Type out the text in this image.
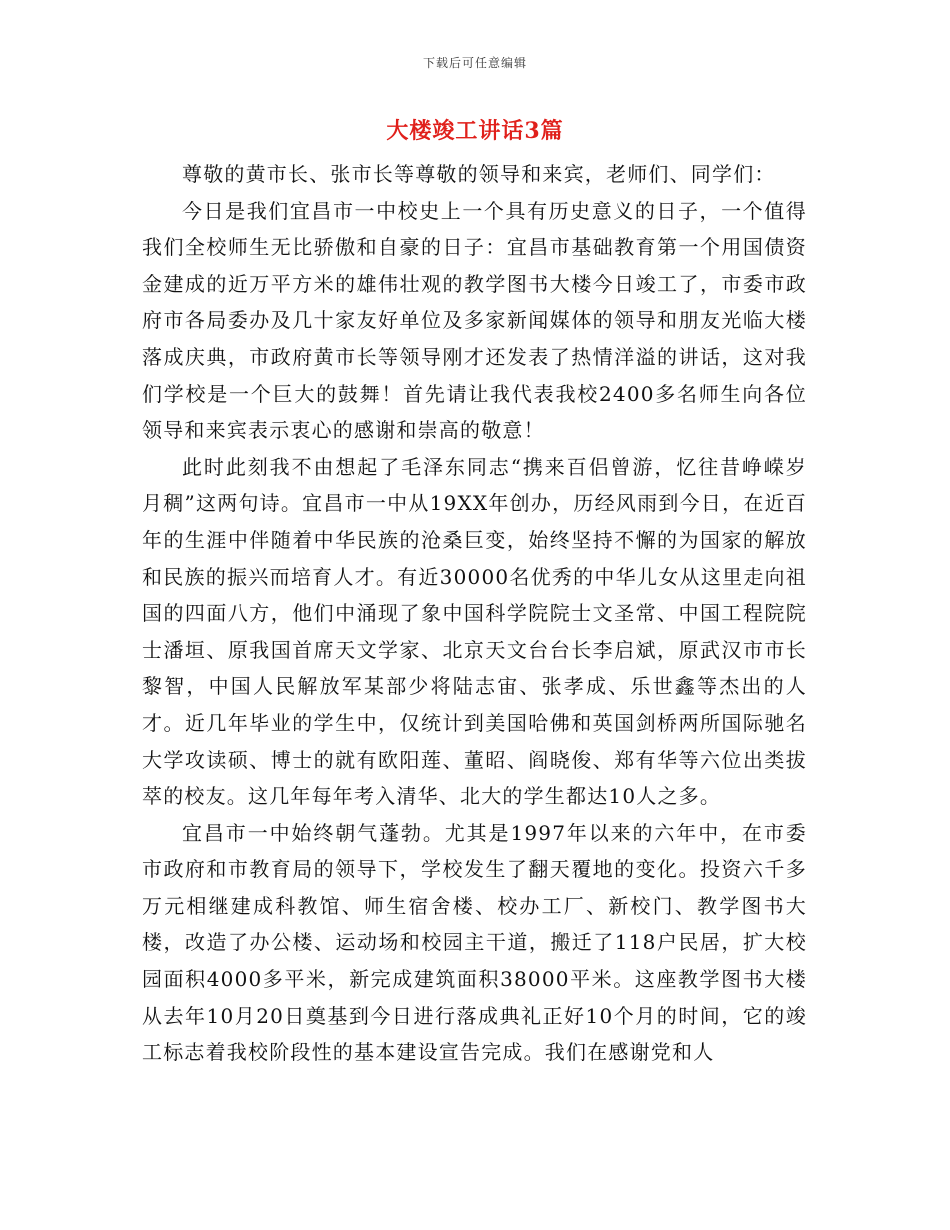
下载后可任意编辑
大楼竣工讲话3篇

尊敬的黄市长、张市长等尊敬的领导和来宾，老师们、同学们：

今日是我们宜昌市一中校史上一个具有历史意义的日子，一个值得我们全校师生无比骄傲和自豪的日子：宜昌市基础教育第一个用国债资金建成的近万平方米的雄伟壮观的教学图书大楼今日竣工了，市委市政府市各局委办及几十家友好单位及多家新闻媒体的领导和朋友光临大楼落成庆典，市政府黄市长等领导刚才还发表了热情洋溢的讲话，这对我们学校是一个巨大的鼓舞！首先请让我代表我校2400多名师生向各位领导和来宾表示衷心的感谢和崇高的敬意！

此时此刻我不由想起了毛泽东同志“携来百侣曾游，忆往昔峥嵘岁月稠”这两句诗。宜昌市一中从19XX年创办，历经风雨到今日，在近百年的生涯中伴随着中华民族的沧桑巨变，始终坚持不懈的为国家的解放和民族的振兴而培育人才。有近30000名优秀的中华儿女从这里走向祖国的四面八方，他们中涌现了象中国科学院院士文圣常、中国工程院院士潘垣、原我国首席天文学家、北京天文台台长李启斌，原武汉市市长黎智，中国人民解放军某部少将陆志宙、张孝成、乐世鑫等杰出的人才。近几年毕业的学生中，仅统计到美国哈佛和英国剑桥两所国际驰名大学攻读硕、博士的就有欧阳莲、董昭、阎晓俊、郑有华等六位出类拔萃的校友。这几年每年考入清华、北大的学生都达10人之多。

宜昌市一中始终朝气蓬勃。尤其是1997年以来的六年中，在市委市政府和市教育局的领导下，学校发生了翻天覆地的变化。投资六千多万元相继建成科教馆、师生宿舍楼、校办工厂、新校门、教学图书大楼，改造了办公楼、运动场和校园主干道，搬迁了118户民居，扩大校园面积4000多平米，新完成建筑面积38000平米。这座教学图书大楼从去年10月20日奠基到今日进行落成典礼正好10个月的时间，它的竣工标志着我校阶段性的基本建设宣告完成。我们在感谢党和人
